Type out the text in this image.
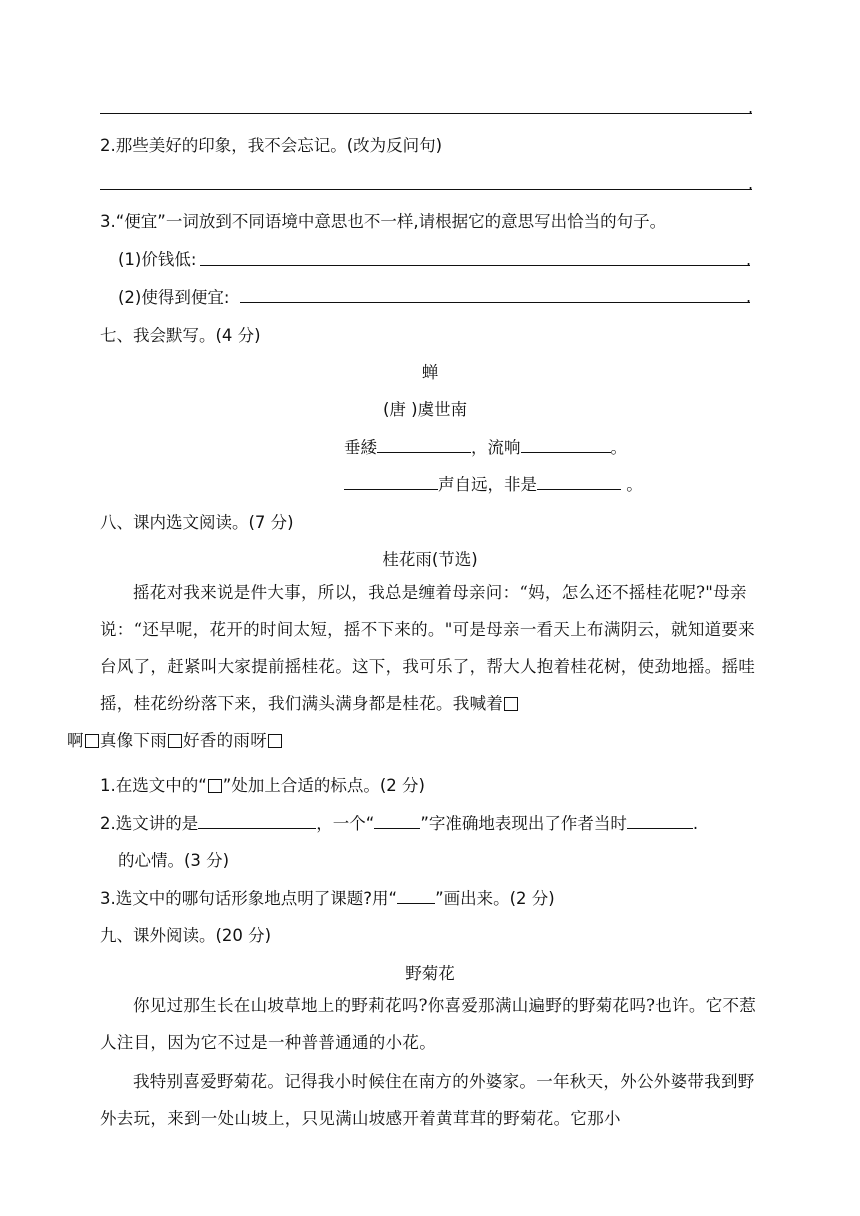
.
2.那些美好的印象，我不会忘记。(改为反问句)
.
3.“便宜”一词放到不同语境中意思也不一样,请根据它的意思写出恰当的句子。
(1)价钱低:	.
(2)使得到便宜:	.
七、我会默写。(4 分)
蝉
(唐 )虞世南
垂緌	，流响	。
声自远，非是	。
八、课内选文阅读。(7 分)
桂花雨(节选)
摇花对我来说是件大事，所以，我总是缠着母亲问：“妈，怎么还不摇桂花呢?"母亲说：“还早呢，花开的时间太短，摇不下来的。"可是母亲一看天上布满阴云，就知道要来台风了，赶紧叫大家提前摇桂花。这下，我可乐了，帮大人抱着桂花树，使劲地摇。摇哇摇，桂花纷纷落下来，我们满头满身都是桂花。我喊着
啊 真像下雨 好香的雨呀
1.在选文中的“ ”处加上合适的标点。(2 分)
2.选文讲的是	，一个“	”字准确地表现出了作者当时	.
的心情。(3 分)
3.选文中的哪句话形象地点明了课题?用“ ”画出来。(2 分)
九、课外阅读。(20 分)
野菊花
你见过那生长在山坡草地上的野莉花吗?你喜爱那满山遍野的野菊花吗?也许。它不惹人注目，因为它不过是一种普普通通的小花。
我特别喜爱野菊花。记得我小时候住在南方的外婆家。一年秋天，外公外婆带我到野外去玩，来到一处山坡上，只见满山坡感开着黄茸茸的野菊花。它那小
